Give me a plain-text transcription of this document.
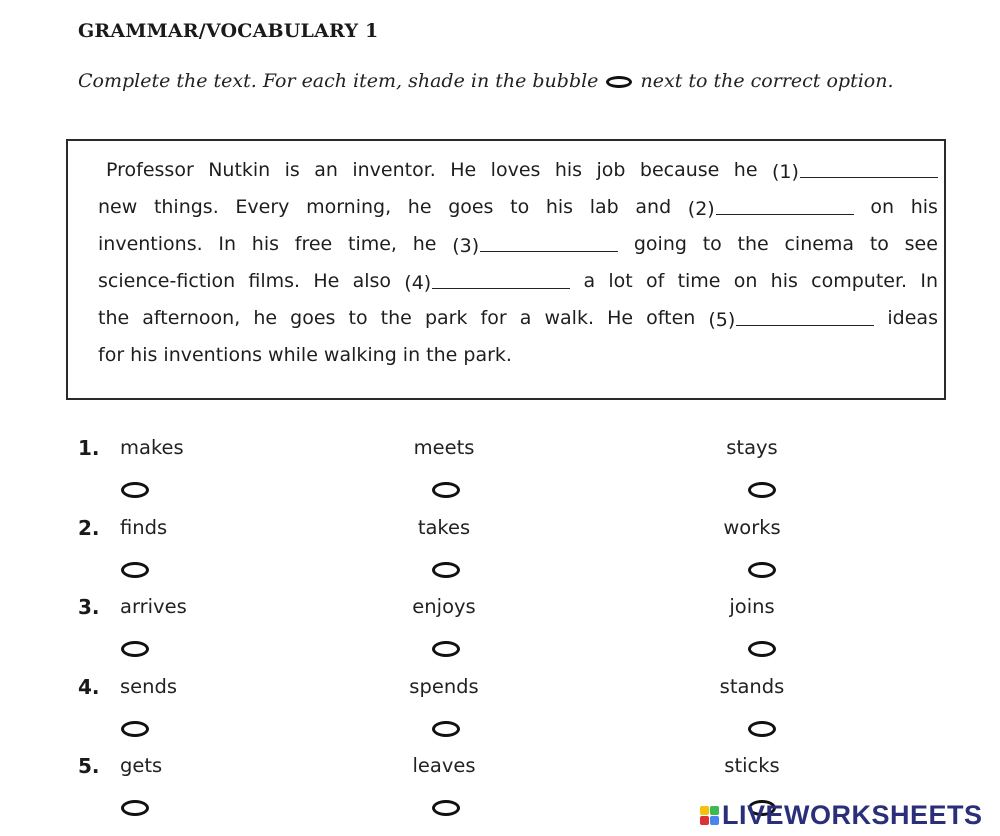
GRAMMAR/VOCABULARY 1
Complete the text. For each item, shade in the bubble next to the correct option.
Professor Nutkin is an inventor. He loves his job because he (1)
new things. Every morning, he goes to his lab and (2)	on his
inventions. In his free time, he (3)	going to the cinema to see
science-fiction films. He also (4)	a lot of time on his computer. In
the afternoon, he goes to the park for a walk. He often (5)	ideas
for his inventions while walking in the park.
1. makes	meets	stays
2. finds	takes	works
3. arrives	enjoys	joins
4. sends	spends	stands
5. gets	leaves	sticks
LIVEWORKSHEETS
